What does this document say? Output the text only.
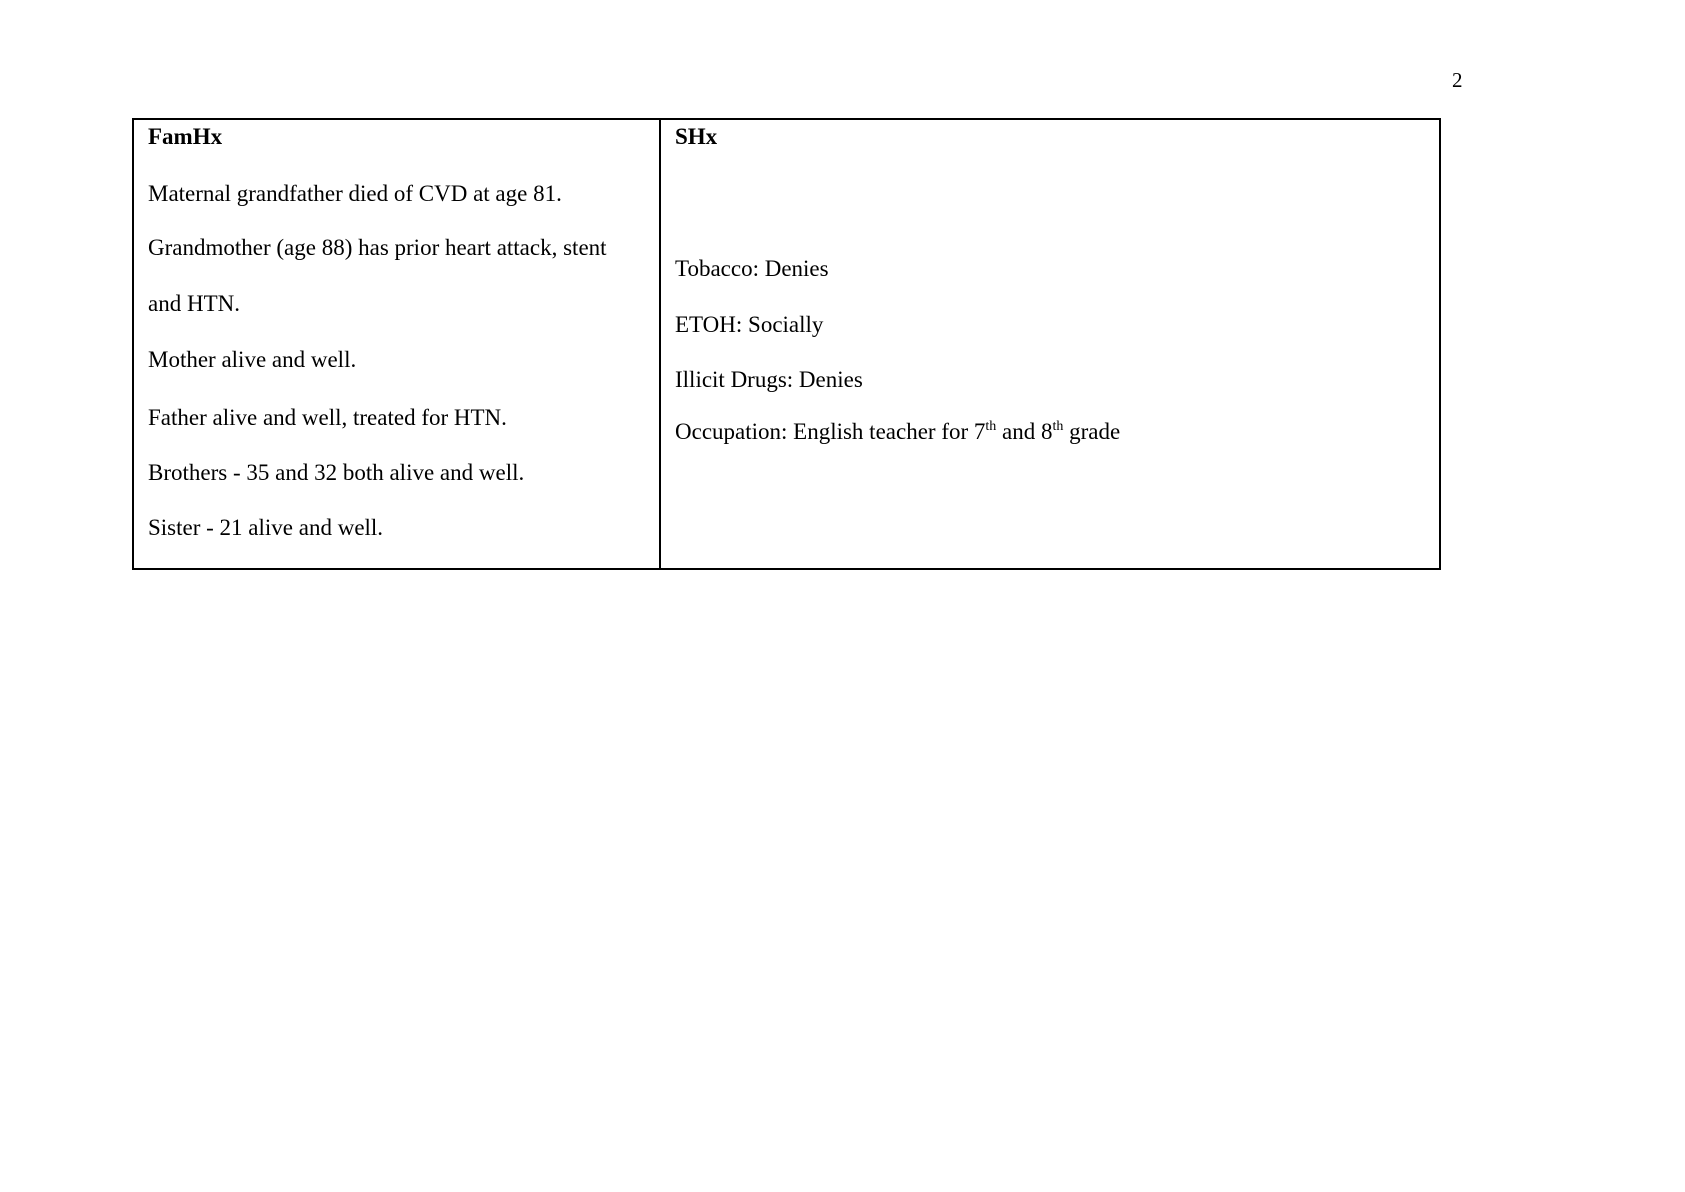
2
FamHx
Maternal grandfather died of CVD at age 81.
Grandmother (age 88) has prior heart attack, stent
and HTN.
Mother alive and well.
Father alive and well, treated for HTN.
Brothers - 35 and 32 both alive and well.
Sister - 21 alive and well.
SHx
Tobacco: Denies
ETOH: Socially
Illicit Drugs: Denies
Occupation: English teacher for 7th and 8th grade
